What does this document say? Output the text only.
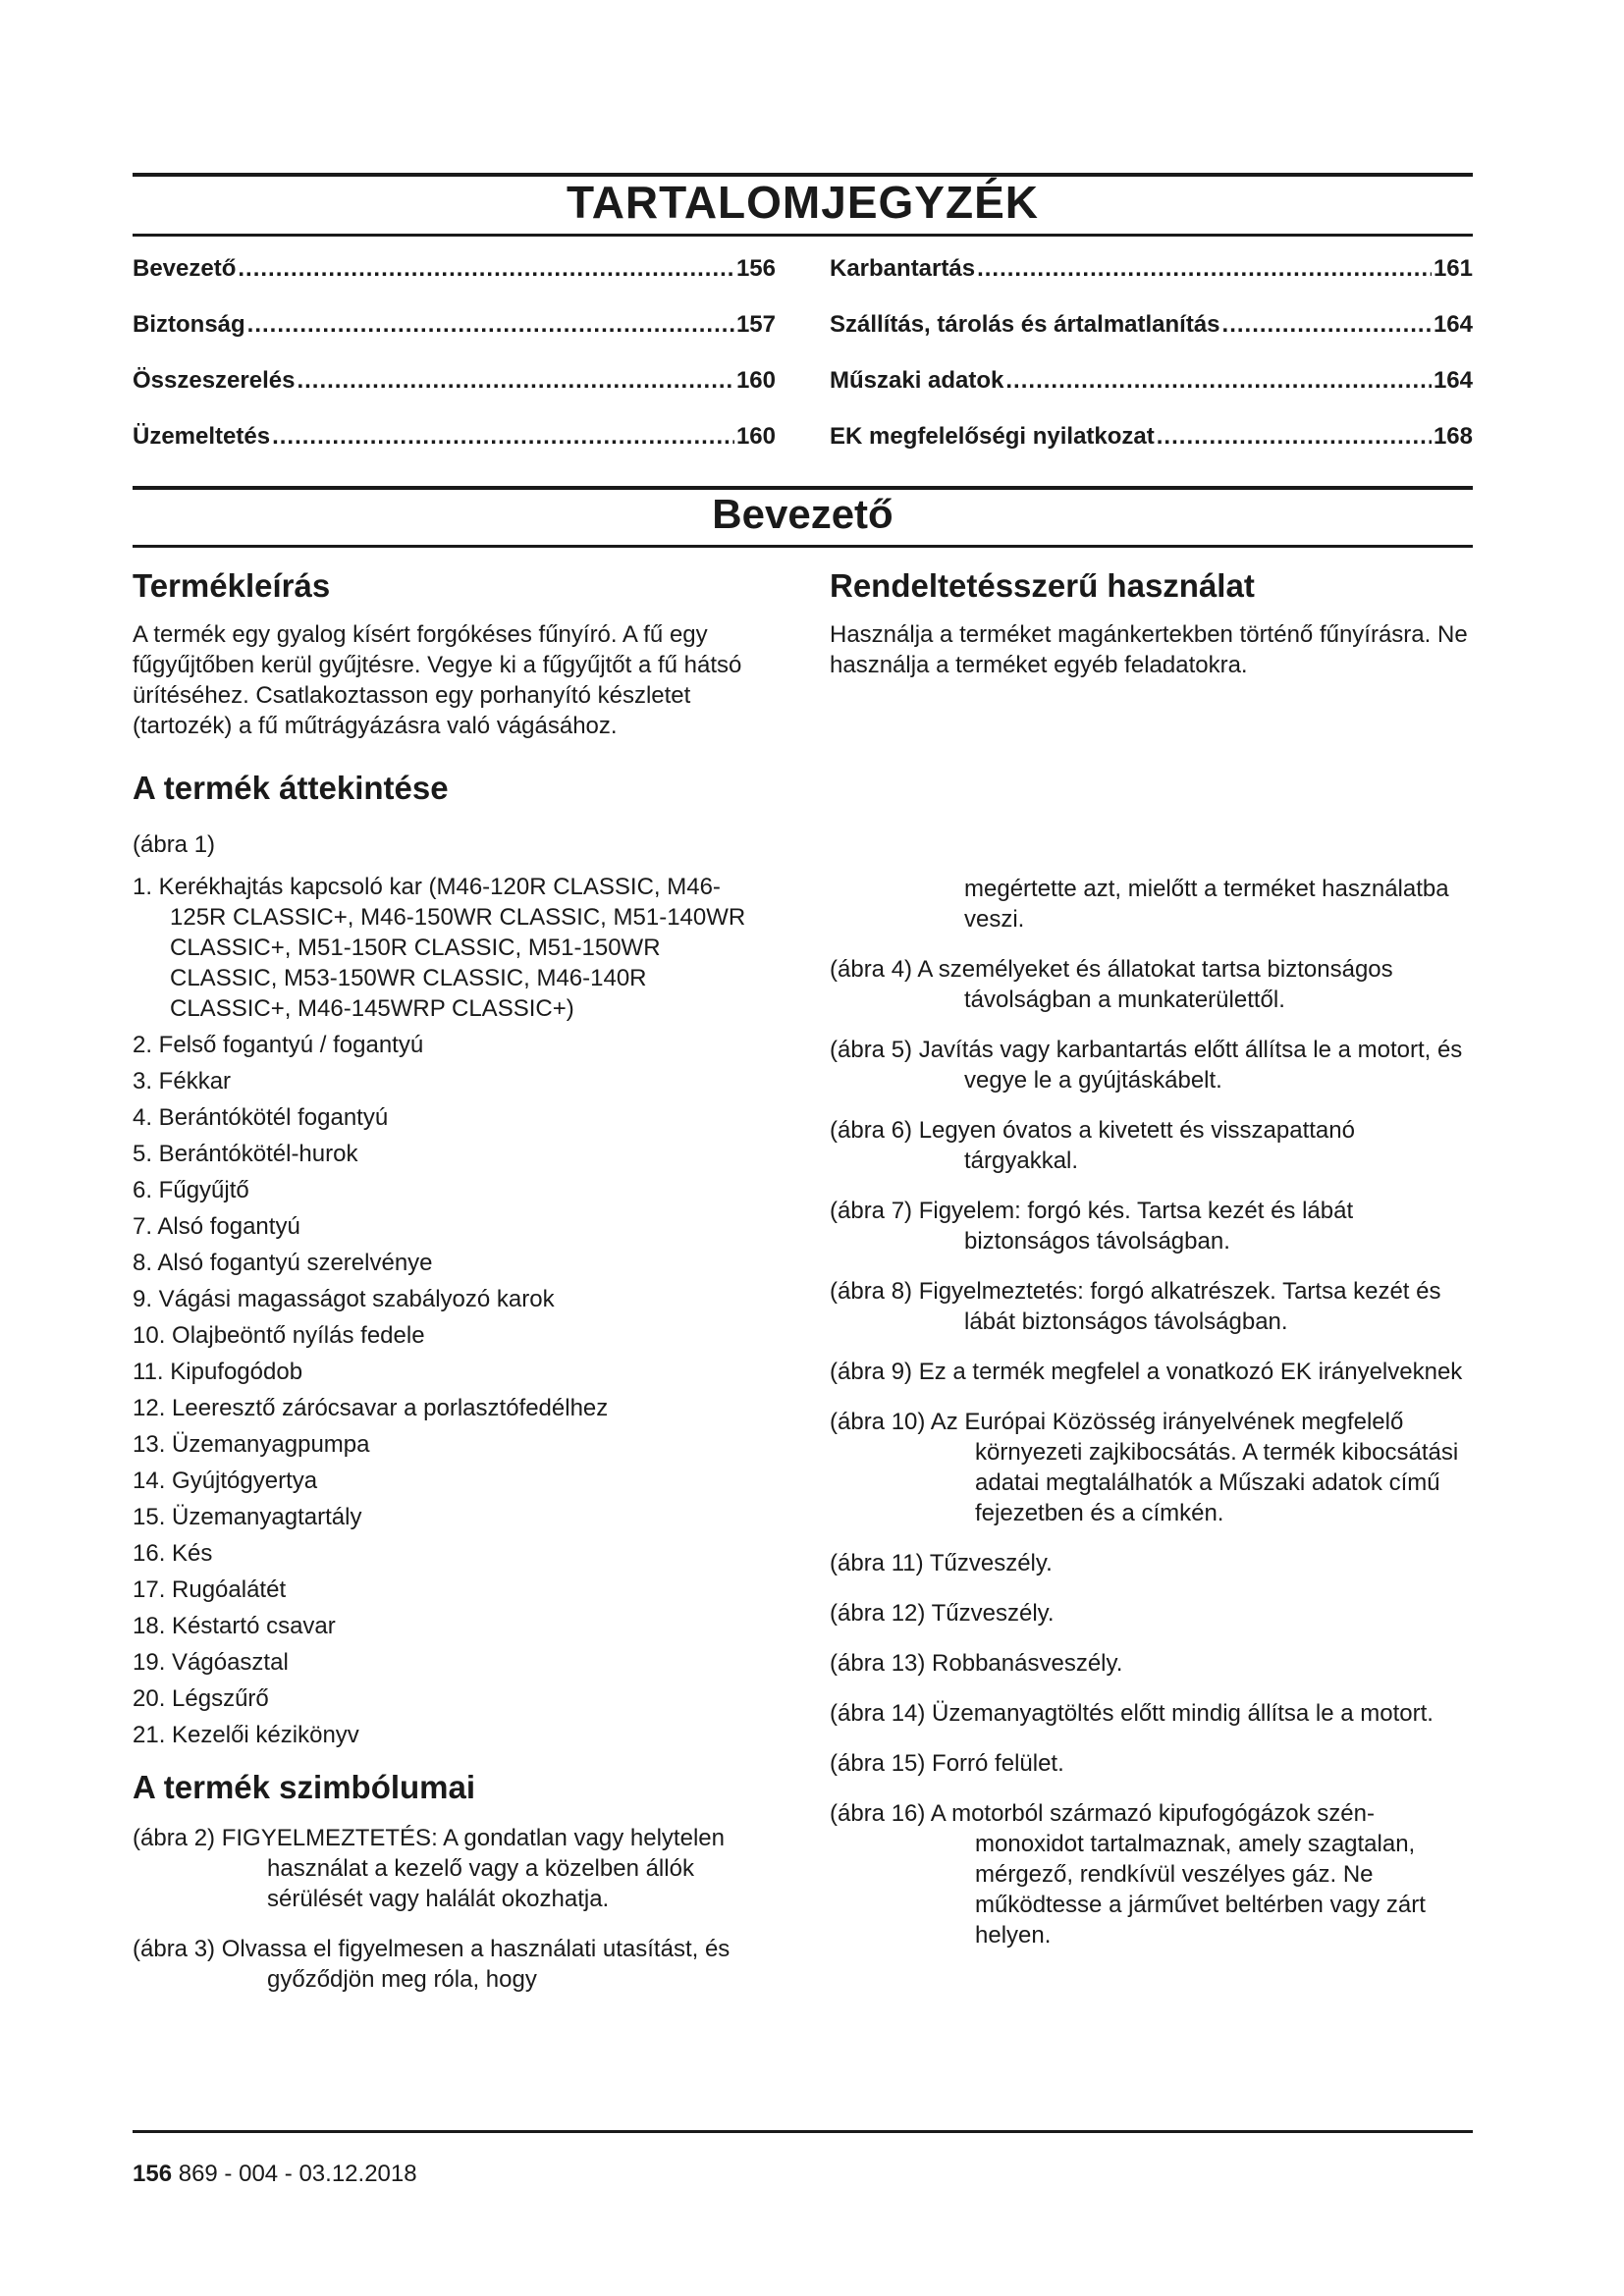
TARTALOMJEGYZÉK
Bevezető .....	156
Biztonság .....	157
Összeszerelés .....	160
Üzemeltetés .....	160
Karbantartás .....	161
Szállítás, tárolás és ártalmatlanítás .....	164
Műszaki adatok .....	164
EK megfelelőségi nyilatkozat .....	168
Bevezető
Termékleírás

A termék egy gyalog kísért forgókéses fűnyíró. A fű egy fűgyűjtőben kerül gyűjtésre. Vegye ki a fűgyűjtőt a fű hátsó ürítéséhez. Csatlakoztasson egy porhanyító készletet (tartozék) a fű műtrágyázásra való vágásához.

A termék áttekintése

(ábra 1)

1. Kerékhajtás kapcsoló kar (M46-120R CLASSIC, M46-125R CLASSIC+, M46-150WR CLASSIC, M51-140WR CLASSIC+, M51-150R CLASSIC, M51-150WR CLASSIC, M53-150WR CLASSIC, M46-140R CLASSIC+, M46-145WRP CLASSIC+)
2. Felső fogantyú / fogantyú
3. Fékkar
4. Berántókötél fogantyú
5. Berántókötél-hurok
6. Fűgyűjtő
7. Alsó fogantyú
8. Alsó fogantyú szerelvénye
9. Vágási magasságot szabályozó karok
10. Olajbeöntő nyílás fedele
11. Kipufogódob
12. Leeresztő zárócsavar a porlasztófedélhez
13. Üzemanyagpumpa
14. Gyújtógyertya
15. Üzemanyagtartály
16. Kés
17. Rugóalátét
18. Késtartó csavar
19. Vágóasztal
20. Légszűrő
21. Kezelői kézikönyv
A termék szimbólumai

(ábra 2) FIGYELMEZTETÉS: A gondatlan vagy helytelen használat a kezelő vagy a közelben állók sérülését vagy halálát okozhatja.

(ábra 3) Olvassa el figyelmesen a használati utasítást, és győződjön meg róla, hogy

Rendeltetésszerű használat

Használja a terméket magánkertekben történő fűnyírásra. Ne használja a terméket egyéb feladatokra.

megértette azt, mielőtt a terméket használatba veszi.

(ábra 4) A személyeket és állatokat tartsa biztonságos távolságban a munkaterülettől.

(ábra 5) Javítás vagy karbantartás előtt állítsa le a motort, és vegye le a gyújtáskábelt.

(ábra 6) Legyen óvatos a kivetett és visszapattanó tárgyakkal.

(ábra 7) Figyelem: forgó kés. Tartsa kezét és lábát biztonságos távolságban.

(ábra 8) Figyelmeztetés: forgó alkatrészek. Tartsa kezét és lábát biztonságos távolságban.

(ábra 9) Ez a termék megfelel a vonatkozó EK irányelveknek

(ábra 10) Az Európai Közösség irányelvének megfelelő környezeti zajkibocsátás. A termék kibocsátási adatai megtalálhatók a Műszaki adatok című fejezetben és a címkén.

(ábra 11) Tűzveszély.

(ábra 12) Tűzveszély.

(ábra 13) Robbanásveszély.

(ábra 14) Üzemanyagtöltés előtt mindig állítsa le a motort.

(ábra 15) Forró felület.

(ábra 16) A motorból származó kipufogógázok szén-monoxidot tartalmaznak, amely szagtalan, mérgező, rendkívül veszélyes gáz. Ne működtesse a járművet beltérben vagy zárt helyen.

156 869 - 004 - 03.12.2018
